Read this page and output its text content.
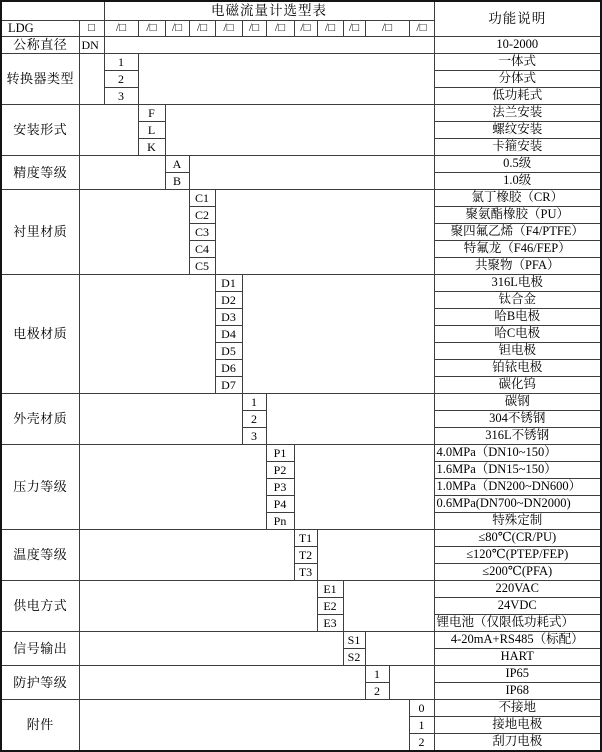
		电磁流量计选型表													功能说明
LDG	□	/□	/□	/□	/□	/□	/□	/□	/□	/□	/□	/□		/□	
公称直径	DN														10-2000
转换器类型		1													一体式
		2													分体式
		3													低功耗式
安装形式			F												法兰安装
			L												螺纹安装
			K												卡箍安装
精度等级				A											0.5级
				B											1.0级
衬里材质					C1										氯丁橡胶（CR）
					C2										聚氨酯橡胶（PU）
					C3										聚四氟乙烯（F4/PTFE）
					C4										特氟龙（F46/FEP）
					C5										共聚物（PFA）
电极材质						D1									316L电极
						D2									钛合金
						D3									哈B电极
						D4									哈C电极
						D5									钽电极
						D6									铂铱电极
						D7									碳化钨
外壳材质							1								碳钢
							2								304不锈钢
							3								316L不锈钢
压力等级								P1							4.0MPa（DN10~150）
								P2							1.6MPa（DN15~150）
								P3							1.0MPa（DN200~DN600）
								P4							0.6MPa(DN700~DN2000)
								Pn							特殊定制
温度等级									T1						≤80℃(CR/PU)
									T2						≤120℃(PTEP/FEP)
									T3						≤200℃(PFA)
供电方式										E1					220VAC
										E2					24VDC
										E3					锂电池（仅限低功耗式）
信号输出											S1				4-20mA+RS485（标配）
											S2				HART
防护等级												1			IP65
												2			IP68
附件														0	不接地
														1	接地电极
														2	刮刀电极
